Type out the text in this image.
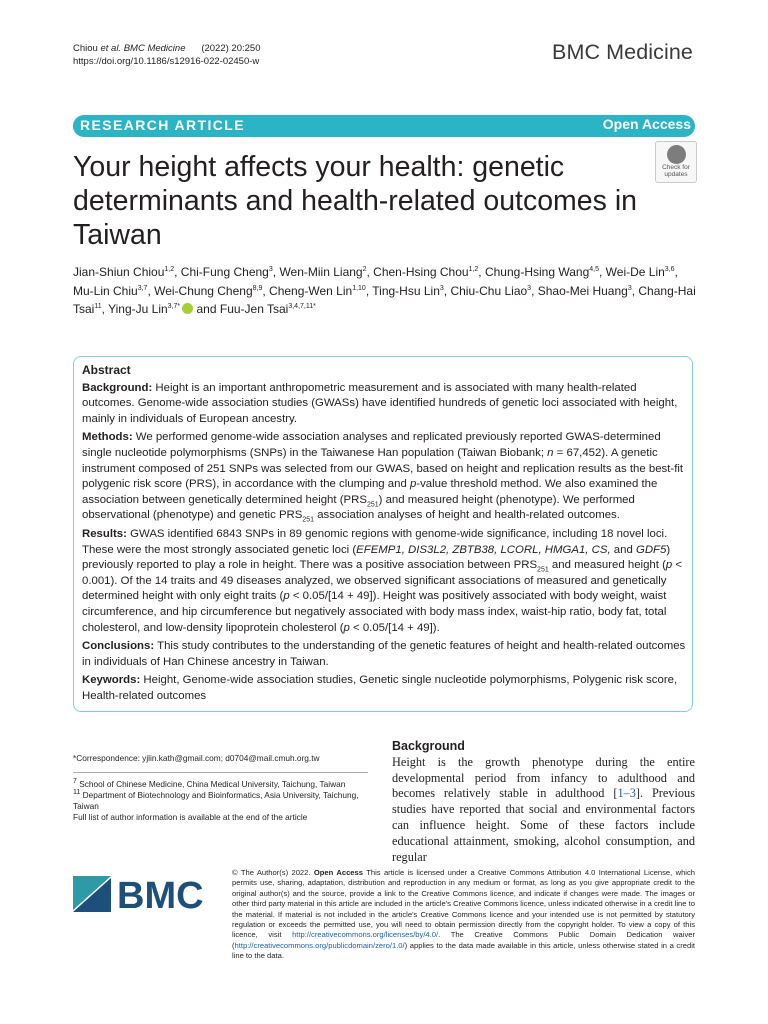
Chiou et al. BMC Medicine (2022) 20:250
https://doi.org/10.1186/s12916-022-02450-w	BMC Medicine
RESEARCH ARTICLE	Open Access
Your height affects your health: genetic determinants and health-related outcomes in Taiwan
Check for
updates
Jian-Shiun Chiou$^{1,2}$, Chi-Fung Cheng$^3$, Wen-Miin Liang$^2$, Chen-Hsing Chou$^{1,2}$, Chung-Hsing Wang$^{4,5}$, Wei-De Lin$^{3,6}$, Mu-Lin Chiu$^{3,7}$, Wei-Chung Cheng$^{8,9}$, Cheng-Wen Lin$^{1,10}$, Ting-Hsu Lin$^3$, Chiu-Chu Liao$^3$, Shao-Mei Huang$^3$, Chang-Hai Tsai$^{11}$, Ying-Ju Lin$^{3,7*}$ and Fuu-Jen Tsai$^{3,4,7,11*}$
Abstract

Background: Height is an important anthropometric measurement and is associated with many health-related outcomes. Genome-wide association studies (GWASs) have identified hundreds of genetic loci associated with height, mainly in individuals of European ancestry.

Methods: We performed genome-wide association analyses and replicated previously reported GWAS-determined single nucleotide polymorphisms (SNPs) in the Taiwanese Han population (Taiwan Biobank; n = 67,452). A genetic instrument composed of 251 SNPs was selected from our GWAS, based on height and replication results as the best-fit polygenic risk score (PRS), in accordance with the clumping and p-value threshold method. We also examined the association between genetically determined height $(PRS_{251})$ and measured height (phenotype). We performed observational (phenotype) and genetic $PRS_{251}$ association analyses of height and health-related outcomes.

Results: GWAS identified 6843 SNPs in 89 genomic regions with genome-wide significance, including 18 novel loci. These were the most strongly associated genetic loci (EFEMP1, DIS3L2, ZBTB38, LCORL, HMGA1, CS, and GDF5) previously reported to play a role in height. There was a positive association between $PRS_{251}$ and measured height (p < 0.001). Of the 14 traits and 49 diseases analyzed, we observed significant associations of measured and genetically determined height with only eight traits (p < 0.05/[14 + 49]). Height was positively associated with body weight, waist circumference, and hip circumference but negatively associated with body mass index, waist-hip ratio, body fat, total cholesterol, and low-density lipoprotein cholesterol (p < 0.05/[14 + 49]).

Conclusions: This study contributes to the understanding of the genetic features of height and health-related outcomes in individuals of Han Chinese ancestry in Taiwan.

Keywords: Height, Genome-wide association studies, Genetic single nucleotide polymorphisms, Polygenic risk score, Health-related outcomes

*Correspondence: yjlin.kath@gmail.com; d0704@mail.cmuh.org.tw

$^7$ School of Chinese Medicine, China Medical University, Taichung, Taiwan

$^{11}$ Department of Biotechnology and Bioinformatics, Asia University, Taichung, Taiwan

Full list of author information is available at the end of the article

Background

Height is the growth phenotype during the entire developmental period from infancy to adulthood and becomes relatively stable in adulthood [1–3]. Previous studies have reported that social and environmental factors can influence height. Some of these factors include educational attainment, smoking, alcohol consumption, and regular

BMC
© The Author(s) 2022. Open Access This article is licensed under a Creative Commons Attribution 4.0 International License, which permits use, sharing, adaptation, distribution and reproduction in any medium or format, as long as you give appropriate credit to the original author(s) and the source, provide a link to the Creative Commons licence, and indicate if changes were made. The images or other third party material in this article are included in the article's Creative Commons licence, unless indicated otherwise in a credit line to the material. If material is not included in the article's Creative Commons licence and your intended use is not permitted by statutory regulation or exceeds the permitted use, you will need to obtain permission directly from the copyright holder. To view a copy of this licence, visit http://creativecommons.org/licenses/by/4.0/. The Creative Commons Public Domain Dedication waiver (http://creativecommons.org/publicdomain/zero/1.0/) applies to the data made available in this article, unless otherwise stated in a credit line to the data.
